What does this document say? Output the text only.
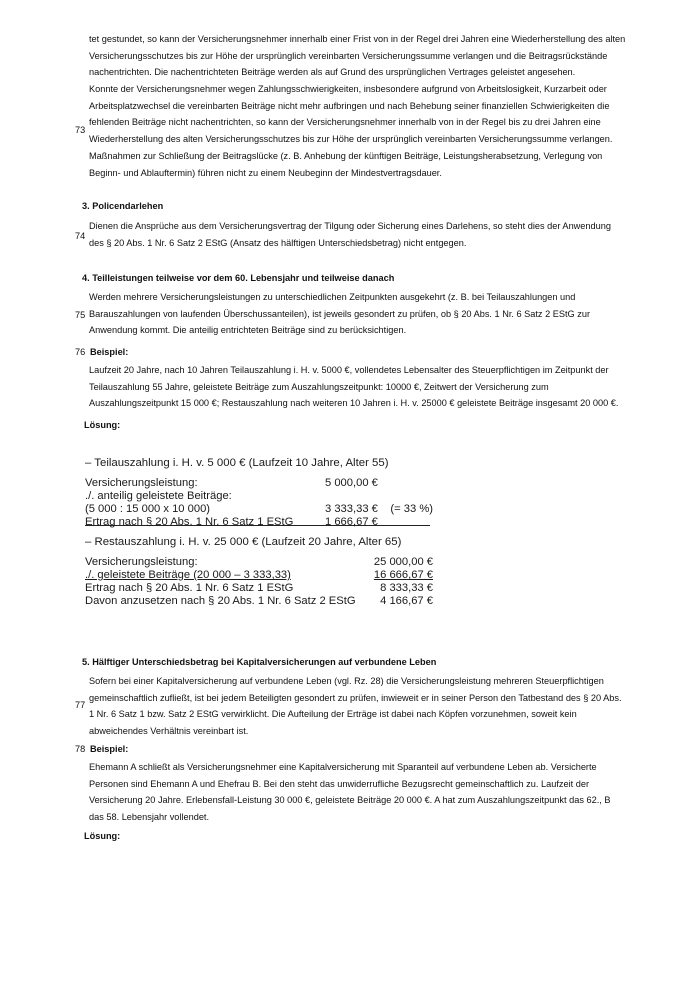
tet gestundet, so kann der Versicherungsnehmer innerhalb einer Frist von in der Regel drei Jahren eine Wiederherstellung des alten Versicherungsschutzes bis zur Höhe der ursprünglich vereinbarten Versicherungssumme verlangen und die Beitragsrückstände nachentrichten. Die nachentrichteten Beiträge werden als auf Grund des ursprünglichen Vertrages geleistet angesehen.

Konnte der Versicherungsnehmer wegen Zahlungsschwierigkeiten, insbesondere aufgrund von Arbeitslosigkeit, Kurzarbeit oder Arbeitsplatzwechsel die vereinbarten Beiträge nicht mehr aufbringen und nach Behebung seiner finanziellen Schwierigkeiten die fehlenden Beiträge nicht nachentrichten, so kann der Versicherungsnehmer innerhalb von in der Regel bis zu drei Jahren eine Wiederherstellung des alten Versicherungsschutzes bis zur Höhe der ursprünglich vereinbarten Versicherungssumme verlangen. Maßnahmen zur Schließung der Beitragslücke (z. B. Anhebung der künftigen Beiträge, Leistungsherabsetzung, Verlegung von Beginn- und Ablauftermin) führen nicht zu einem Neubeginn der Mindestvertragsdauer.

73
3. Policendarlehen

Dienen die Ansprüche aus dem Versicherungsvertrag der Tilgung oder Sicherung eines Darlehens, so steht dies der Anwendung des § 20 Abs. 1 Nr. 6 Satz 2 EStG (Ansatz des hälftigen Unterschiedsbetrag) nicht entgegen.

74
4. Teilleistungen teilweise vor dem 60. Lebensjahr und teilweise danach

Werden mehrere Versicherungsleistungen zu unterschiedlichen Zeitpunkten ausgekehrt (z. B. bei Teilauszahlungen und Barauszahlungen von laufenden Überschussanteilen), ist jeweils gesondert zu prüfen, ob § 20 Abs. 1 Nr. 6 Satz 2 EStG zur Anwendung kommt. Die anteilig entrichteten Beiträge sind zu berücksichtigen.

75
76 Beispiel:

Laufzeit 20 Jahre, nach 10 Jahren Teilauszahlung i. H. v. 5000 €, vollendetes Lebensalter des Steuerpflichtigen im Zeitpunkt der Teilauszahlung 55 Jahre, geleistete Beiträge zum Auszahlungszeitpunkt: 10000 €, Zeitwert der Versicherung zum Auszahlungszeitpunkt 15 000 €; Restauszahlung nach weiteren 10 Jahren i. H. v. 25000 € geleistete Beiträge insgesamt 20 000 €.

Lösung:
– Teilauszahlung i. H. v. 5 000 € (Laufzeit 10 Jahre, Alter 55)
Versicherungsleistung:	5 000,00 €
./. anteilig geleistete Beiträge:
(5 000 : 15 000 x 10 000)	3 333,33 € (= 33 %)
Ertrag nach § 20 Abs. 1 Nr. 6 Satz 1 EStG	1 666,67 €
– Restauszahlung i. H. v. 25 000 € (Laufzeit 20 Jahre, Alter 65)
Versicherungsleistung:	25 000,00 €
./. geleistete Beiträge (20 000 – 3 333,33)	16 666,67 €
Ertrag nach § 20 Abs. 1 Nr. 6 Satz 1 EStG	8 333,33 €
Davon anzusetzen nach § 20 Abs. 1 Nr. 6 Satz 2 EStG 4 166,67 €
5. Hälftiger Unterschiedsbetrag bei Kapitalversicherungen auf verbundene Leben

Sofern bei einer Kapitalversicherung auf verbundene Leben (vgl. Rz. 28) die Versicherungsleistung mehreren Steuerpflichtigen gemeinschaftlich zufließt, ist bei jedem Beteiligten gesondert zu prüfen, inwieweit er in seiner Person den Tatbestand des § 20 Abs. 1 Nr. 6 Satz 1 bzw. Satz 2 EStG verwirklicht. Die Aufteilung der Erträge ist dabei nach Köpfen vorzunehmen, soweit kein abweichendes Verhältnis vereinbart ist.

77
78 Beispiel:

Ehemann A schließt als Versicherungsnehmer eine Kapitalversicherung mit Sparanteil auf verbundene Leben ab. Versicherte Personen sind Ehemann A und Ehefrau B. Bei den steht das unwiderrufliche Bezugsrecht gemeinschaftlich zu. Laufzeit der Versicherung 20 Jahre. Erlebensfall-Leistung 30 000 €, geleistete Beiträge 20 000 €. A hat zum Auszahlungszeitpunkt das 62., B das 58. Lebensjahr vollendet.

Lösung:
